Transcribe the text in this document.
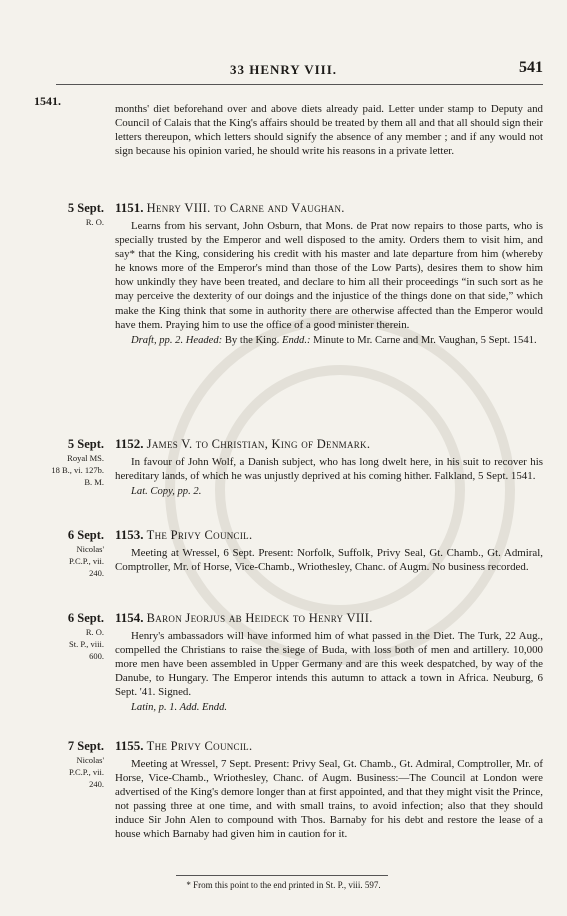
33 HENRY VIII.	541
1541.
months' diet beforehand over and above diets already paid. Letter under stamp to Deputy and Council of Calais that the King's affairs should be treated by them all and that all should sign their letters thereupon, which letters should signify the absence of any member ; and if any would not sign because his opinion varied, he should write his reasons in a private letter.
5 Sept.
R. O.
1151. Henry VIII. to Carne and Vaughan.
Learns from his servant, John Osburn, that Mons. de Prat now repairs to those parts, who is specially trusted by the Emperor and well disposed to the amity. Orders them to visit him, and say* that the King, considering his credit with his master and late departure from him (whereby he knows more of the Emperor's mind than those of the Low Parts), desires them to show him how unkindly they have been treated, and declare to him all their proceedings “in such sort as he may perceive the dexterity of our doings and the injustice of the things done on that side,” which make the King think that some in authority there are otherwise affected than the Emperor would have them. Praying him to use the office of a good minister therein.
Draft, pp. 2. Headed: By the King. Endd.: Minute to Mr. Carne and Mr. Vaughan, 5 Sept. 1541.
5 Sept.
Royal MS.
18 B., vi. 127b.
B. M.
1152. James V. to Christian, King of Denmark.
In favour of John Wolf, a Danish subject, who has long dwelt here, in his suit to recover his hereditary lands, of which he was unjustly deprived at his coming hither. Falkland, 5 Sept. 1541.
Lat. Copy, pp. 2.
6 Sept.
Nicolas'
P.C.P., vii.
240.
1153. The Privy Council.
Meeting at Wressel, 6 Sept. Present: Norfolk, Suffolk, Privy Seal, Gt. Chamb., Gt. Admiral, Comptroller, Mr. of Horse, Vice-Chamb., Wriothesley, Chanc. of Augm. No business recorded.
6 Sept.
R. O.
St. P., viii.
600.
1154. Baron Jeorjus ab Heideck to Henry VIII.
Henry's ambassadors will have informed him of what passed in the Diet. The Turk, 22 Aug., compelled the Christians to raise the siege of Buda, with loss both of men and artillery. 10,000 more men have been assembled in Upper Germany and are this week despatched, by way of the Danube, to Hungary. The Emperor intends this autumn to attack a town in Africa. Neuburg, 6 Sept. '41. Signed.
Latin, p. 1. Add. Endd.
7 Sept.
Nicolas'
P.C.P., vii.
240.
1155. The Privy Council.
Meeting at Wressel, 7 Sept. Present: Privy Seal, Gt. Chamb., Gt. Admiral, Comptroller, Mr. of Horse, Vice-Chamb., Wriothesley, Chanc. of Augm. Business:—The Council at London were advertised of the King's demore longer than at first appointed, and that they might visit the Prince, not passing three at one time, and with small trains, to avoid infection; also that they should induce Sir John Alen to compound with Thos. Barnaby for his debt and restore the lease of a house which Barnaby had given him in caution for it.
* From this point to the end printed in St. P., viii. 597.
